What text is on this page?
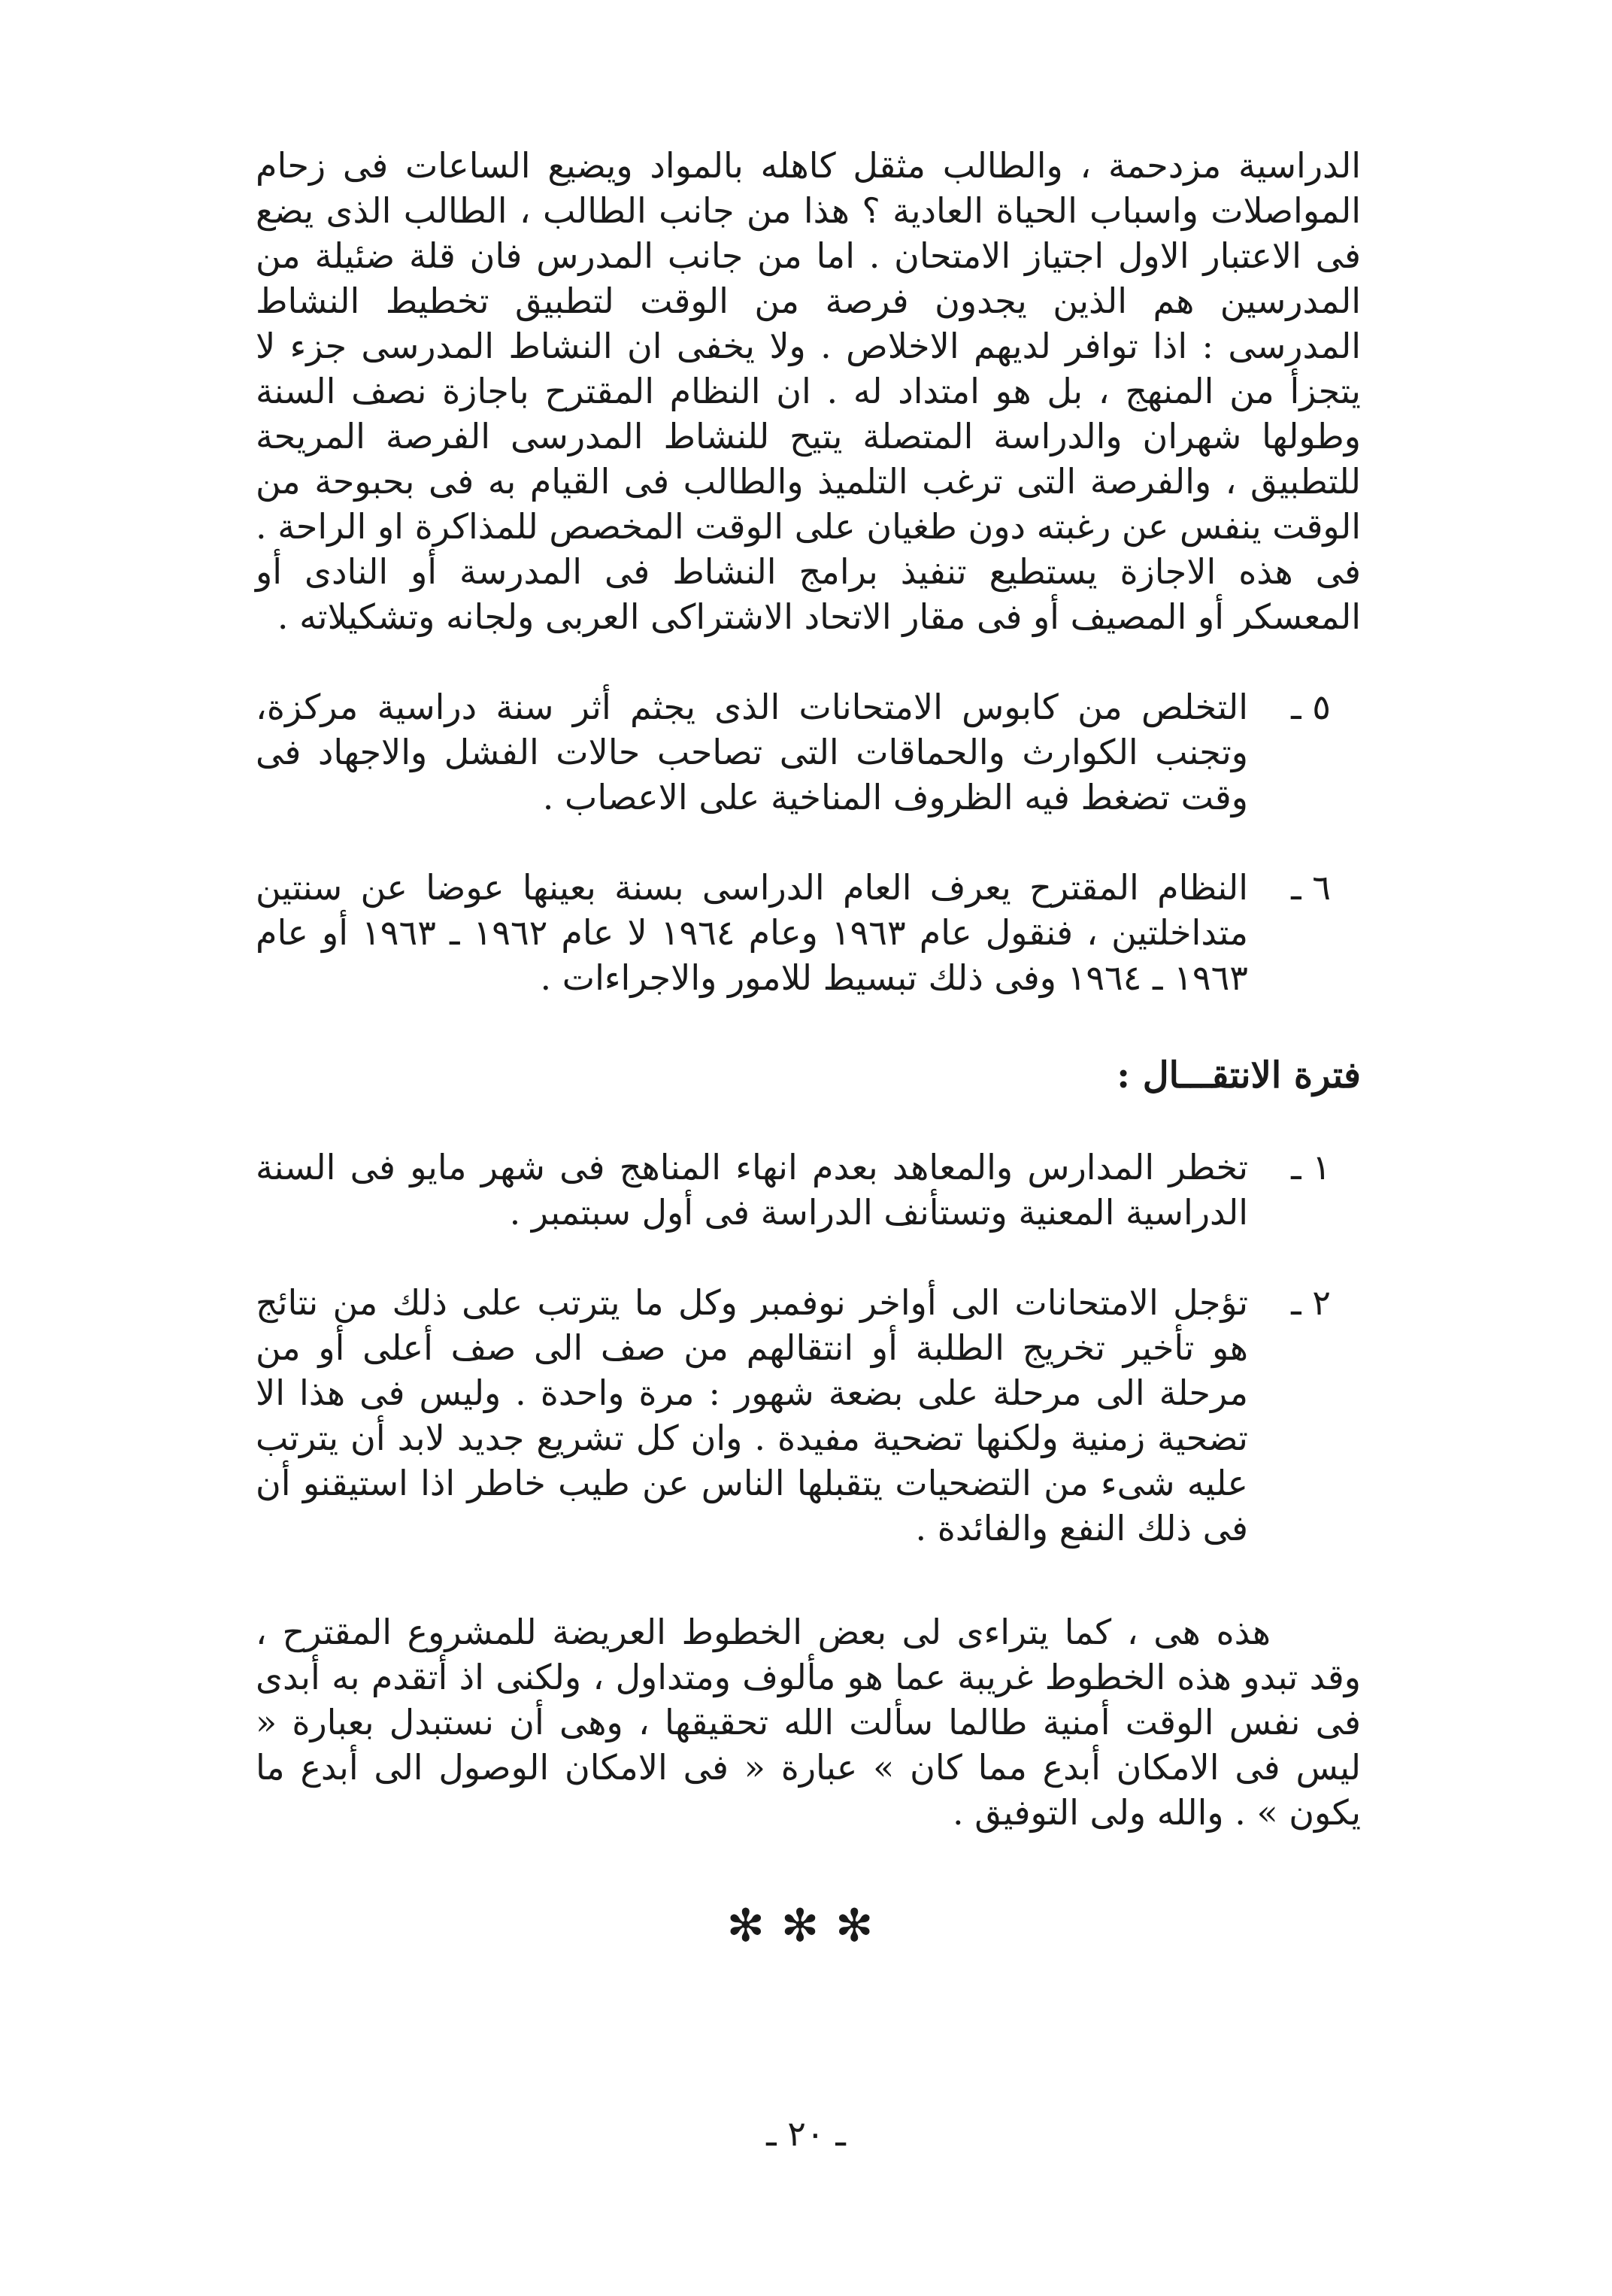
الدراسية مزدحمة ، والطالب مثقل كاهله بالمواد ويضيع الساعات فى زحام المواصلات واسباب الحياة العادية ؟ هذا من جانب الطالب ، الطالب الذى يضع فى الاعتبار الاول اجتياز الامتحان . اما من جانب المدرس فان قلة ضئيلة من المدرسين هم الذين يجدون فرصة من الوقت لتطبيق تخطيط النشاط المدرسى : اذا توافر لديهم الاخلاص . ولا يخفى ان النشاط المدرسى جزء لا يتجزأ من المنهج ، بل هو امتداد له . ان النظام المقترح باجازة نصف السنة وطولها شهران والدراسة المتصلة يتيح للنشاط المدرسى الفرصة المريحة للتطبيق ، والفرصة التى ترغب التلميذ والطالب فى القيام به فى بحبوحة من الوقت ينفس عن رغبته دون طغيان على الوقت المخصص للمذاكرة او الراحة . فى هذه الاجازة يستطيع تنفيذ برامج النشاط فى المدرسة أو النادى أو المعسكر أو المصيف أو فى مقار الاتحاد الاشتراكى العربى ولجانه وتشكيلاته .

٥ ـ
التخلص من كابوس الامتحانات الذى يجثم أثر سنة دراسية مركزة، وتجنب الكوارث والحماقات التى تصاحب حالات الفشل والاجهاد فى وقت تضغط فيه الظروف المناخية على الاعصاب .
٦ ـ
النظام المقترح يعرف العام الدراسى بسنة بعينها عوضا عن سنتين متداخلتين ، فنقول عام ١٩٦٣ وعام ١٩٦٤ لا عام ١٩٦٢ ـ ١٩٦٣ أو عام ١٩٦٣ ـ ١٩٦٤ وفى ذلك تبسيط للامور والاجراءات .
فترة الانتقـــال :
١ ـ
تخطر المدارس والمعاهد بعدم انهاء المناهج فى شهر مايو فى السنة الدراسية المعنية وتستأنف الدراسة فى أول سبتمبر .
٢ ـ
تؤجل الامتحانات الى أواخر نوفمبر وكل ما يترتب على ذلك من نتائج هو تأخير تخريج الطلبة أو انتقالهم من صف الى صف أعلى أو من مرحلة الى مرحلة على بضعة شهور : مرة واحدة . وليس فى هذا الا تضحية زمنية ولكنها تضحية مفيدة . وان كل تشريع جديد لابد أن يترتب عليه شىء من التضحيات يتقبلها الناس عن طيب خاطر اذا استيقنو أن فى ذلك النفع والفائدة .

هذه هى ، كما يتراءى لى بعض الخطوط العريضة للمشروع المقترح ، وقد تبدو هذه الخطوط غريبة عما هو مألوف ومتداول ، ولكنى اذ أتقدم به أبدى فى نفس الوقت أمنية طالما سألت الله تحقيقها ، وهى أن نستبدل بعبارة « ليس فى الامكان أبدع مما كان » عبارة « فى الامكان الوصول الى أبدع ما يكون » . والله ولى التوفيق .

✻✻✻
ـ ٢٠ ـ
